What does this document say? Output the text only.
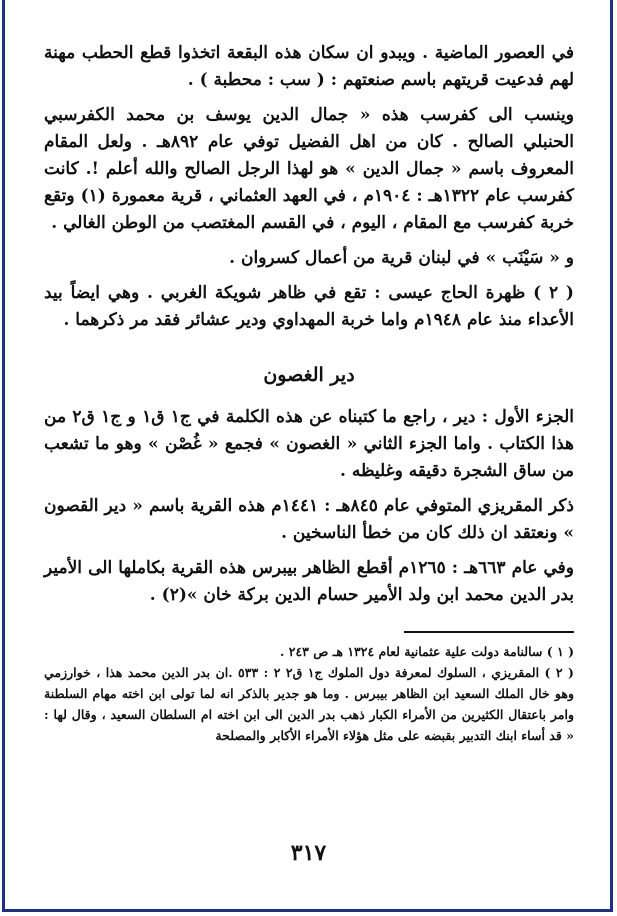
في العصور الماضية . ويبدو ان سكان هذه البقعة اتخذوا قطع الحطب مهنة لهم فدعيت قريتهم باسم صنعتهم : ( سب : محطبة ) .

وينسب الى كفرسب هذه « جمال الدين يوسف بن محمد الكفرسبي الحنبلي الصالح . كان من اهل الفضيل توفي عام ٨٩٢هـ . ولعل المقام المعروف باسم « جمال الدين » هو لهذا الرجل الصالح والله أعلم !. كانت كفرسب عام ١٣٢٢هـ : ١٩٠٤م ، في العهد العثماني ، قرية معمورة (١) وتقع خربة كفرسب مع المقام ، اليوم ، في القسم المغتصب من الوطن الغالي .

و « سَيْنَب » في لبنان قرية من أعمال كسروان .

( ٢ ) ظهرة الحاج عيسى : تقع في ظاهر شويكة الغربي . وهي ايضاً بيد الأعداء منذ عام ١٩٤٨م واما خربة المهداوي ودير عشائر فقد مر ذكرهما .

دير الغصون

الجزء الأول : دير ، راجع ما كتبناه عن هذه الكلمة في ج١ ق١ و ج١ ق٢ من هذا الكتاب . واما الجزء الثاني « الغصون » فجمع « غُصْن » وهو ما تشعب من ساق الشجرة دقيقه وغليظه .

ذكر المقريزي المتوفي عام ٨٤٥هـ : ١٤٤١م هذه القرية باسم « دير القصون » ونعتقد ان ذلك كان من خطأ الناسخين .

وفي عام ٦٦٣هـ : ١٢٦٥م أقطع الظاهر بيبرس هذه القرية بكاملها الى الأمير بدر الدين محمد ابن ولد الأمير حسام الدين بركة خان »(٢) .

( ١ ) سالنامة دولت علية عثمانية لعام ١٣٢٤ هـ ص ٢٤٣ .

( ٢ ) المقريزي ، السلوك لمعرفة دول الملوك ج١ ق٢ ٢ : ٥٣٣ .ان بدر الدين محمد هذا ، خوارزمي وهو خال الملك السعيد ابن الظاهر بيبرس . وما هو جدير بالذكر انه لما تولى ابن اخته مهام السلطنة وامر باعتقال الكثيرين من الأمراء الكبار ذهب بدر الدين الى ابن اخته ام السلطان السعيد ، وقال لها : « قد أساء ابنك التدبير بقبضه على مثل هؤلاء الأمراء الأكابر والمصلحة

٣١٧
